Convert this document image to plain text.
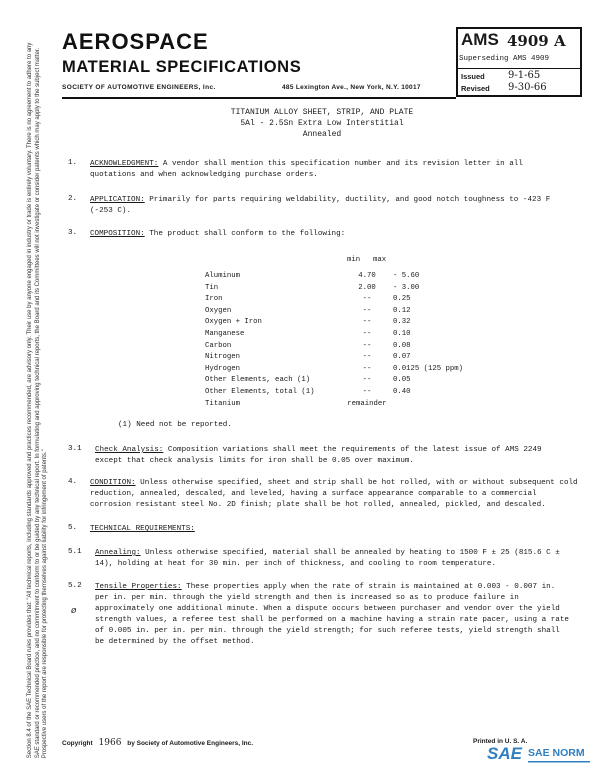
Section 8.4 of the SAE Technical Board rules provides that: "All technical reports, including standards approved and practices recommended, are advisory only. Their use by anyone engaged in industry or trade is entirely voluntary. There is no agreement to adhere to any SAE standard or recommended practice, and no commitment to conform to or be guided by any technical report. In formulating and approving technical reports, the Board and its Committees will not investigate or consider patents which may apply to the subject matter. Prospective users of the report are responsible for protecting themselves against liability for infringement of patents."
AEROSPACE
MATERIAL SPECIFICATIONS
SOCIETY OF AUTOMOTIVE ENGINEERS, Inc.	485 Lexington Ave., New York, N.Y. 10017
AMS 4909 A
Superseding AMS 4909
Issued 9-1-65
Revised 9-30-66
TITANIUM ALLOY SHEET, STRIP, AND PLATE
5Al - 2.5Sn Extra Low Interstitial
Annealed
1. ACKNOWLEDGMENT: A vendor shall mention this specification number and its revision letter in all quotations and when acknowledging purchase orders.
2. APPLICATION: Primarily for parts requiring weldability, ductility, and good notch toughness to -423 F (-253 C).
3. COMPOSITION: The product shall conform to the following:
min max
Aluminum	4.70	- 5.60
Tin	2.00	- 3.00
Iron	--	0.25
Oxygen	--	0.12
Oxygen + Iron	--	0.32
Manganese	--	0.10
Carbon	--	0.08
Nitrogen	--	0.07
Hydrogen	--	0.0125 (125 ppm)
Other Elements, each (1)	--	0.05
Other Elements, total (1)	--	0.40
Titanium	remainder	
(1) Need not be reported.
3.1 Check Analysis: Composition variations shall meet the requirements of the latest issue of AMS 2249 except that check analysis limits for iron shall be 0.05 over maximum.
4. CONDITION: Unless otherwise specified, sheet and strip shall be hot rolled, with or without subsequent cold reduction, annealed, descaled, and leveled, having a surface appearance comparable to a commercial corrosion resistant steel No. 2D finish; plate shall be hot rolled, annealed, pickled, and descaled.
5. TECHNICAL REQUIREMENTS:
5.1 Annealing: Unless otherwise specified, material shall be annealed by heating to 1500 F ± 25 (815.6 C ± 14), holding at heat for 30 min. per inch of thickness, and cooling to room temperature.
5.2
ø
Tensile Properties: These properties apply when the rate of strain is maintained at 0.003 - 0.007 in. per in. per min. through the yield strength and then is increased so as to produce failure in approximately one additional minute. When a dispute occurs between purchaser and vendor over the yield strength values, a referee test shall be performed on a machine having a strain rate pacer, using a rate of 0.005 in. per in. per min. through the yield strength; for such referee tests, yield strength shall be determined by the offset method.
Copyright 1966 by Society of Automotive Engineers, Inc.	Printed in U. S. A.
SAE SAE NORM
